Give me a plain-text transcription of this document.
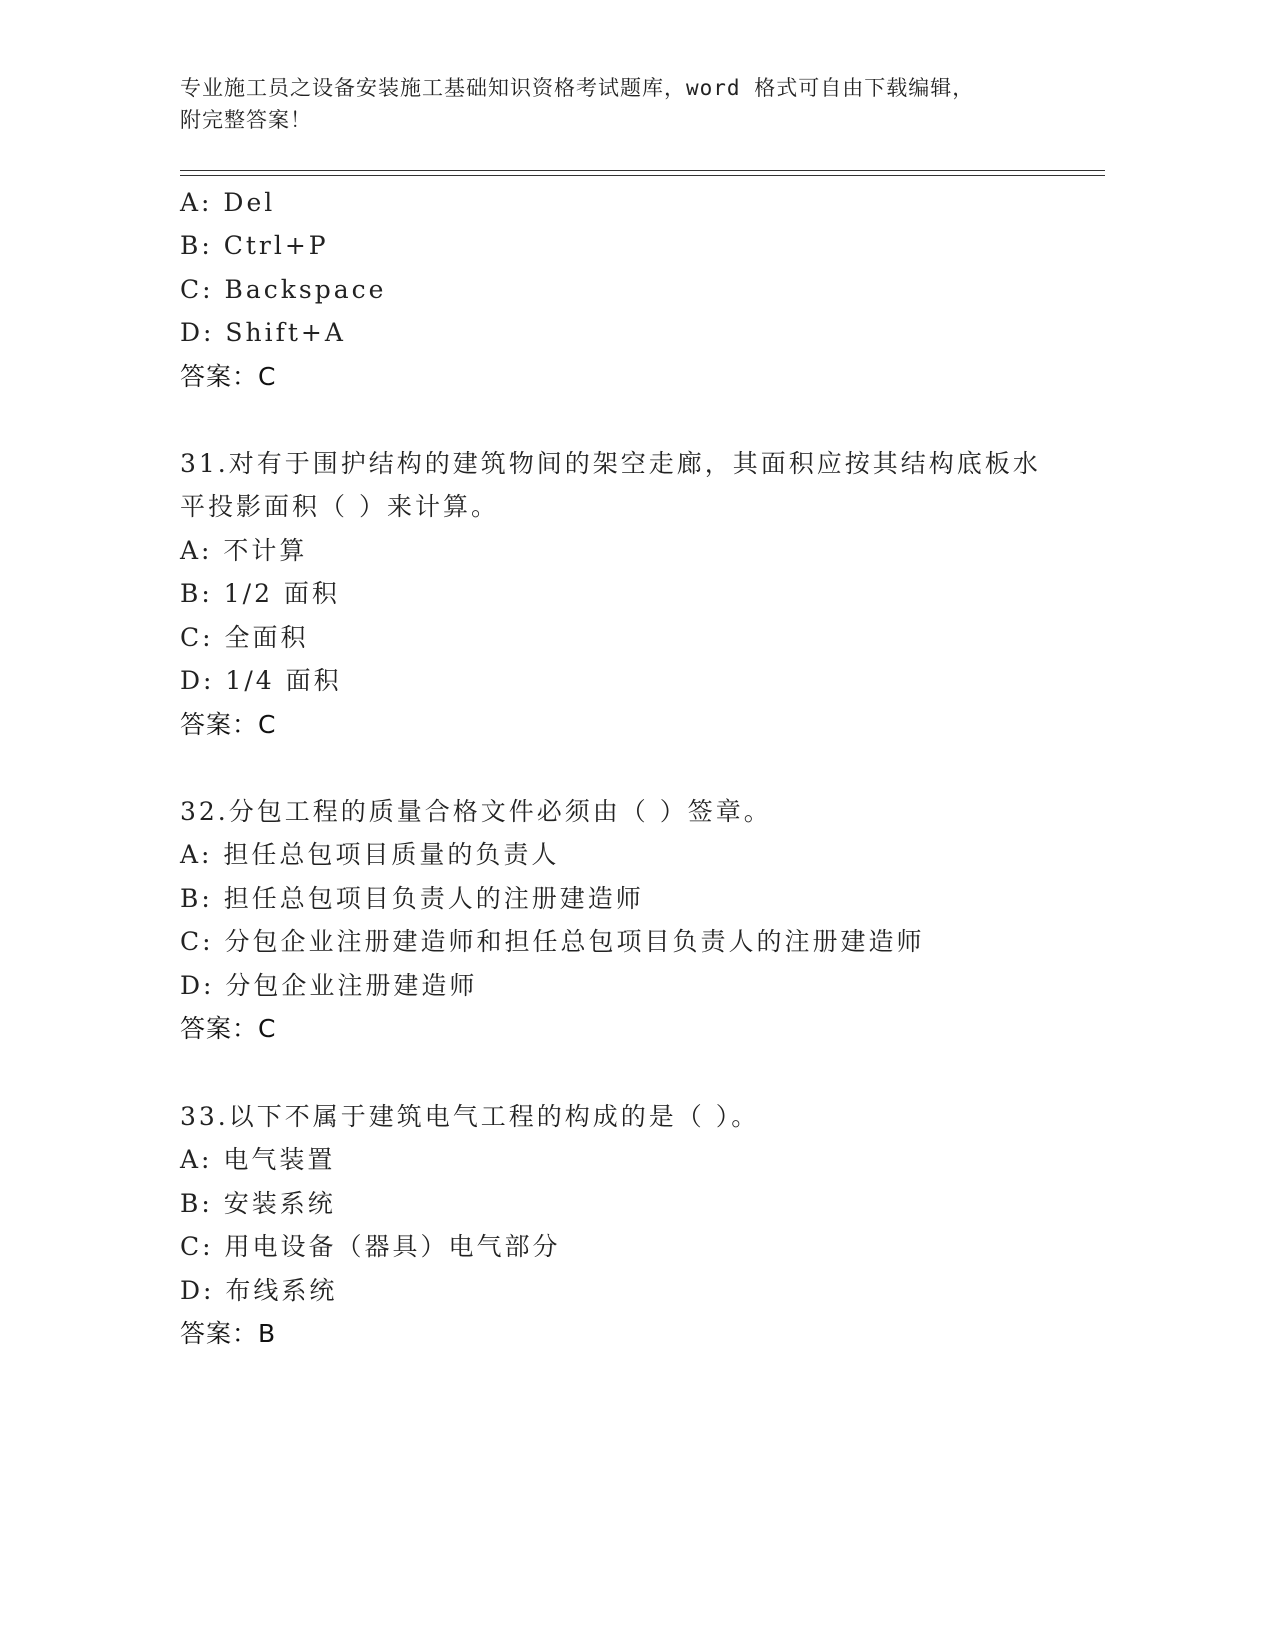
专业施工员之设备安装施工基础知识资格考试题库，word 格式可自由下载编辑，
附完整答案！
A: Del
B: Ctrl+P
C: Backspace
D: Shift+A
答案：C
31.对有于围护结构的建筑物间的架空走廊，其面积应按其结构底板水
平投影面积（ ）来计算。
A: 不计算
B: 1/2 面积
C: 全面积
D: 1/4 面积
答案：C
32.分包工程的质量合格文件必须由（ ）签章。
A: 担任总包项目质量的负责人
B: 担任总包项目负责人的注册建造师
C: 分包企业注册建造师和担任总包项目负责人的注册建造师
D: 分包企业注册建造师
答案：C
33.以下不属于建筑电气工程的构成的是（ ）。
A: 电气装置
B: 安装系统
C: 用电设备（器具）电气部分
D: 布线系统
答案：B
